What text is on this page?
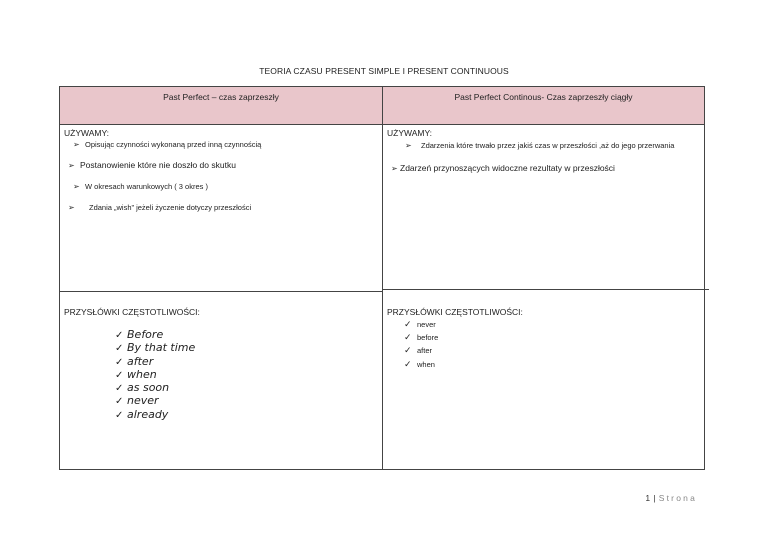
TEORIA CZASU PRESENT SIMPLE I PRESENT CONTINUOUS
Past Perfect – czas zaprzeszły	Past Perfect Continous- Czas zaprzeszły ciągły
UŻYWAMY:
➢ Opisując czynności wykonaną przed inną czynnością
➢ Postanowienie które nie doszło do skutku
➢ W okresach warunkowych ( 3 okres )
➢ Zdania „wish” jeżeli życzenie dotyczy przeszłości
UŻYWAMY:
➢ Zdarzenia które trwało przez jakiś czas w przeszłości ,aż do jego przerwania
➢ Zdarzeń przynoszących widoczne rezultaty w przeszłości
PRZYSŁÓWKI CZĘSTOTLIWOŚCI:
✓ Before
✓ By that time
✓ after
✓ when
✓ as soon
✓ never
✓ already
PRZYSŁÓWKI CZĘSTOTLIWOŚCI:
✓ never
✓ before
✓ after
✓ when
1 | Strona
